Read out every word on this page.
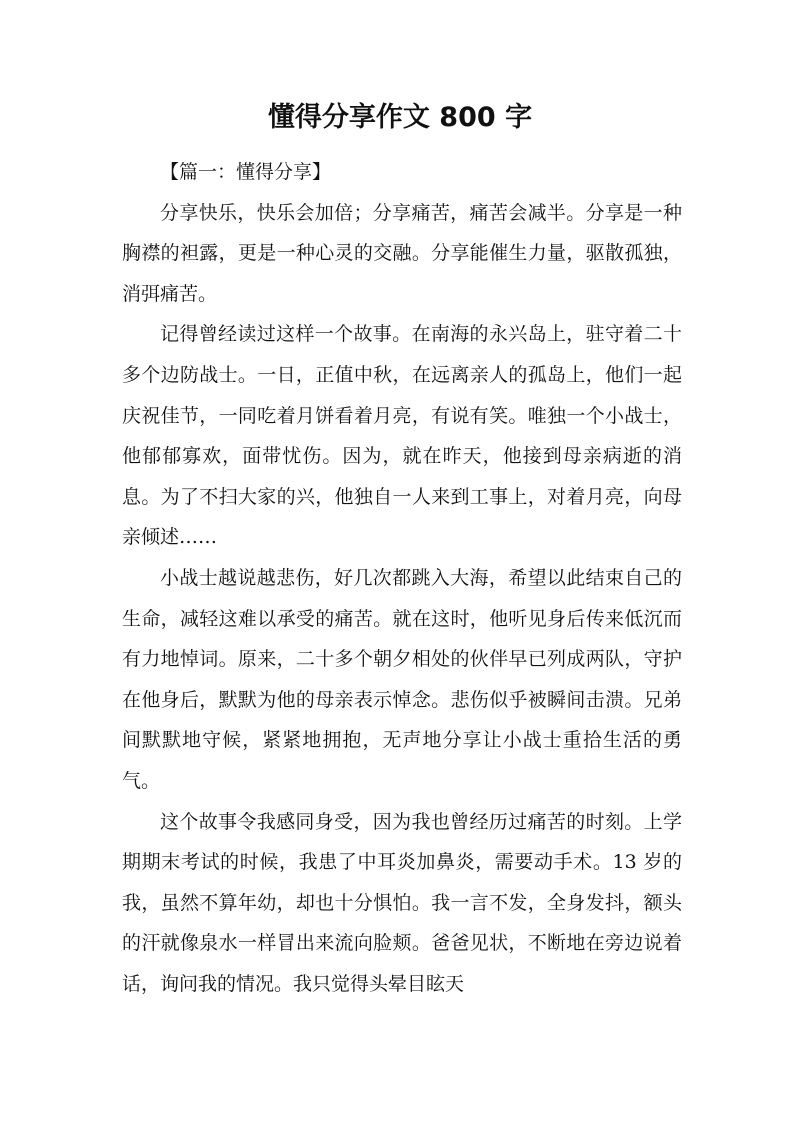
懂得分享作文 800 字

【篇一：懂得分享】

分享快乐，快乐会加倍；分享痛苦，痛苦会减半。分享是一种胸襟的袒露，更是一种心灵的交融。分享能催生力量，驱散孤独，消弭痛苦。

记得曾经读过这样一个故事。在南海的永兴岛上，驻守着二十多个边防战士。一日，正值中秋，在远离亲人的孤岛上，他们一起庆祝佳节，一同吃着月饼看着月亮，有说有笑。唯独一个小战士，他郁郁寡欢，面带忧伤。因为，就在昨天，他接到母亲病逝的消息。为了不扫大家的兴，他独自一人来到工事上，对着月亮，向母亲倾述……

小战士越说越悲伤，好几次都跳入大海，希望以此结束自己的生命，减轻这难以承受的痛苦。就在这时，他听见身后传来低沉而有力地悼词。原来，二十多个朝夕相处的伙伴早已列成两队，守护在他身后，默默为他的母亲表示悼念。悲伤似乎被瞬间击溃。兄弟间默默地守候，紧紧地拥抱，无声地分享让小战士重拾生活的勇气。

这个故事令我感同身受，因为我也曾经历过痛苦的时刻。上学期期末考试的时候，我患了中耳炎加鼻炎，需要动手术。13 岁的我，虽然不算年幼，却也十分惧怕。我一言不发，全身发抖，额头的汗就像泉水一样冒出来流向脸颊。爸爸见状，不断地在旁边说着话，询问我的情况。我只觉得头晕目眩天
